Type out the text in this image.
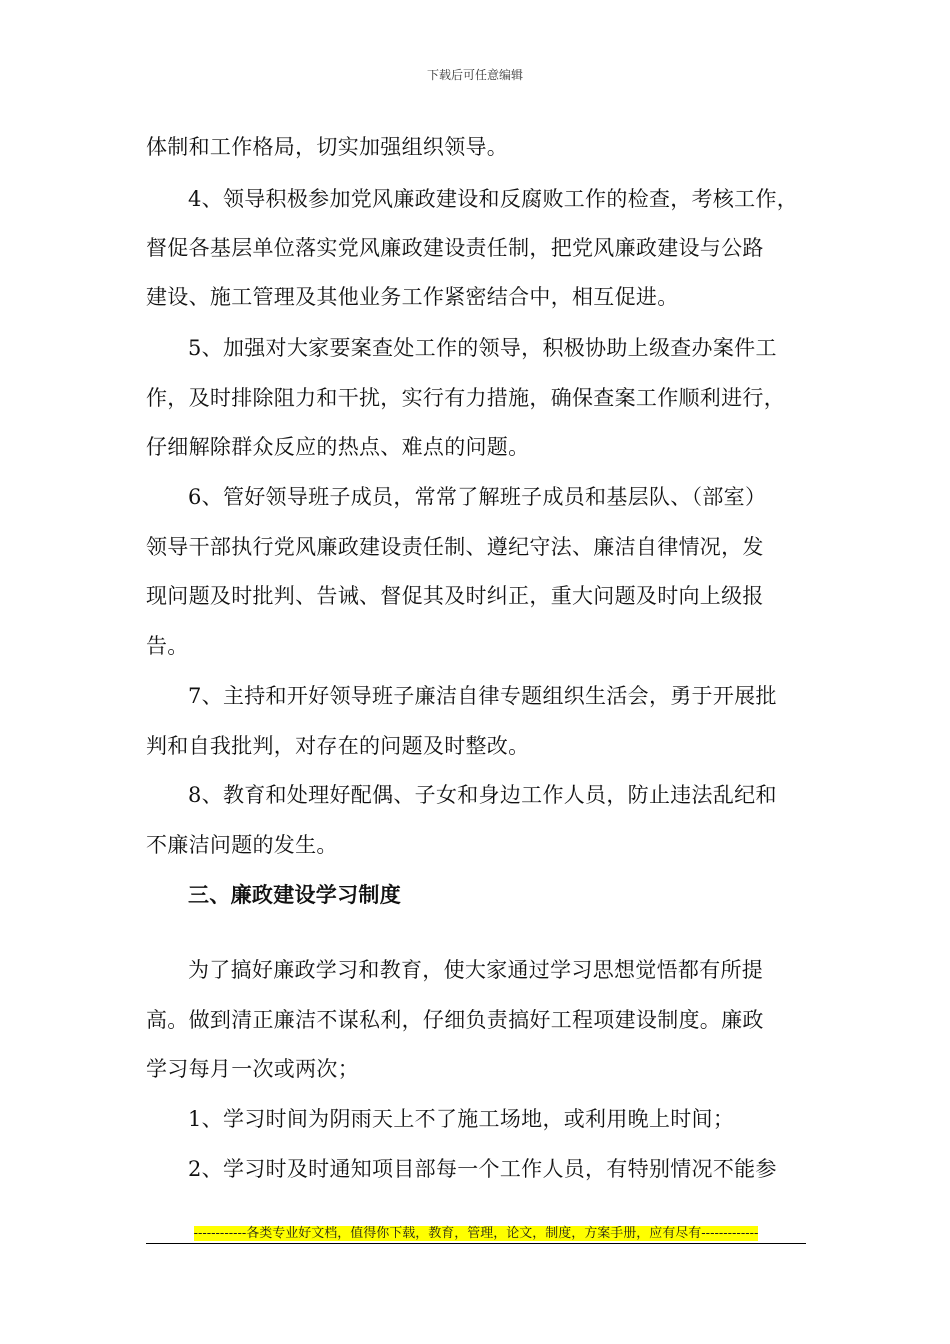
下载后可任意编辑
体制和工作格局，切实加强组织领导。
4、领导积极参加党风廉政建设和反腐败工作的检查，考核工作，
督促各基层单位落实党风廉政建设责任制，把党风廉政建设与公路
建设、施工管理及其他业务工作紧密结合中，相互促进。
5、加强对大家要案查处工作的领导，积极协助上级查办案件工
作，及时排除阻力和干扰，实行有力措施，确保查案工作顺利进行，
仔细解除群众反应的热点、难点的问题。
6、管好领导班子成员，常常了解班子成员和基层队、（部室）
领导干部执行党风廉政建设责任制、遵纪守法、廉洁自律情况，发
现问题及时批判、告诫、督促其及时纠正，重大问题及时向上级报
告。
7、主持和开好领导班子廉洁自律专题组织生活会，勇于开展批
判和自我批判，对存在的问题及时整改。
8、教育和处理好配偶、子女和身边工作人员，防止违法乱纪和
不廉洁问题的发生。
三、廉政建设学习制度
为了搞好廉政学习和教育，使大家通过学习思想觉悟都有所提
高。做到清正廉洁不谋私利，仔细负责搞好工程项建设制度。廉政
学习每月一次或两次；
1、学习时间为阴雨天上不了施工场地，或利用晚上时间；
2、学习时及时通知项目部每一个工作人员，有特别情况不能参
------------各类专业好文档，值得你下载，教育，管理，论文，制度，方案手册，应有尽有-------------
